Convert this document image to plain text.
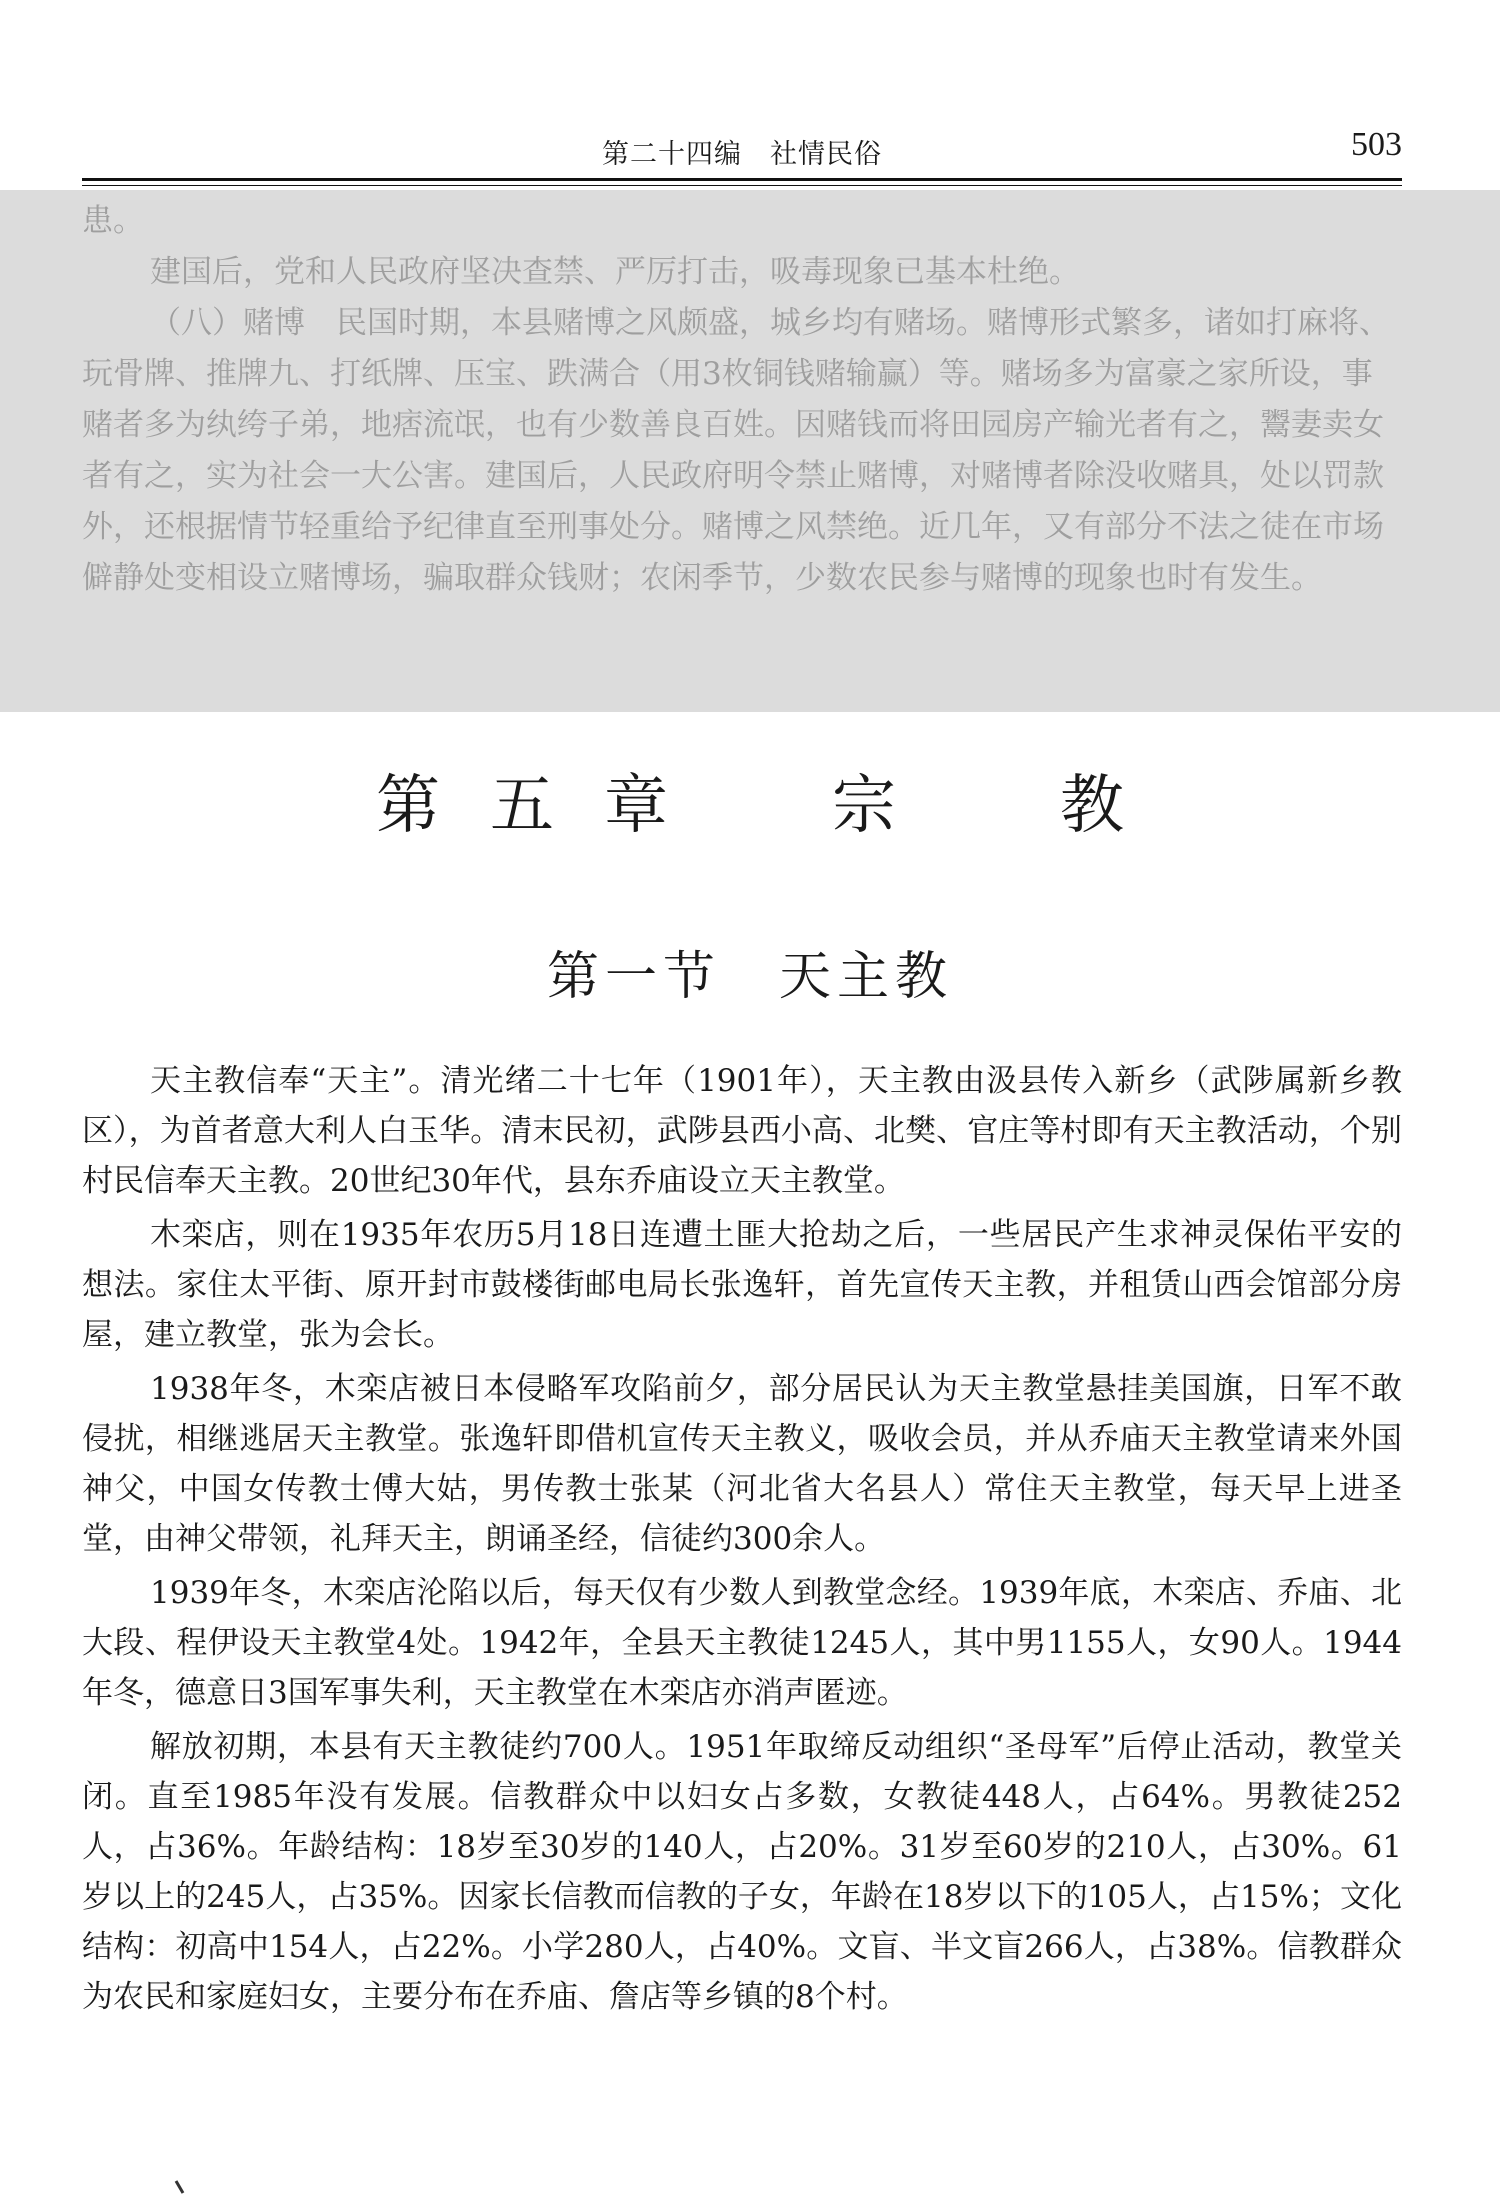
第二十四编　社情民俗	503

患。

建国后，党和人民政府坚决查禁、严厉打击，吸毒现象已基本杜绝。

（八）赌博　民国时期，本县赌博之风颇盛，城乡均有赌场。赌博形式繁多，诸如打麻将、玩骨牌、推牌九、打纸牌、压宝、跌满合（用3枚铜钱赌输赢）等。赌场多为富豪之家所设，事赌者多为纨绔子弟，地痞流氓，也有少数善良百姓。因赌钱而将田园房产输光者有之，鬻妻卖女者有之，实为社会一大公害。建国后，人民政府明令禁止赌博，对赌博者除没收赌具，处以罚款外，还根据情节轻重给予纪律直至刑事处分。赌博之风禁绝。近几年，又有部分不法之徒在市场僻静处变相设立赌博场，骗取群众钱财；农闲季节，少数农民参与赌博的现象也时有发生。

第五章　宗　教
第一节　天主教

天主教信奉“天主”。清光绪二十七年（1901年），天主教由汲县传入新乡（武陟属新乡教区），为首者意大利人白玉华。清末民初，武陟县西小高、北樊、官庄等村即有天主教活动，个别村民信奉天主教。20世纪30年代，县东乔庙设立天主教堂。

木栾店，则在1935年农历5月18日连遭土匪大抢劫之后，一些居民产生求神灵保佑平安的想法。家住太平街、原开封市鼓楼街邮电局长张逸轩，首先宣传天主教，并租赁山西会馆部分房屋，建立教堂，张为会长。

1938年冬，木栾店被日本侵略军攻陷前夕，部分居民认为天主教堂悬挂美国旗，日军不敢侵扰，相继逃居天主教堂。张逸轩即借机宣传天主教义，吸收会员，并从乔庙天主教堂请来外国神父，中国女传教士傅大姑，男传教士张某（河北省大名县人）常住天主教堂，每天早上进圣堂，由神父带领，礼拜天主，朗诵圣经，信徒约300余人。

1939年冬，木栾店沦陷以后，每天仅有少数人到教堂念经。1939年底，木栾店、乔庙、北大段、程伊设天主教堂4处。1942年，全县天主教徒1245人，其中男1155人，女90人。1944年冬，德意日3国军事失利，天主教堂在木栾店亦消声匿迹。

解放初期，本县有天主教徒约700人。1951年取缔反动组织“圣母军”后停止活动，教堂关闭。直至1985年没有发展。信教群众中以妇女占多数，女教徒448人，占64%。男教徒252人，占36%。年龄结构：18岁至30岁的140人，占20%。31岁至60岁的210人，占30%。61岁以上的245人，占35%。因家长信教而信教的子女，年龄在18岁以下的105人，占15%；文化结构：初高中154人，占22%。小学280人，占40%。文盲、半文盲266人，占38%。信教群众为农民和家庭妇女，主要分布在乔庙、詹店等乡镇的8个村。
